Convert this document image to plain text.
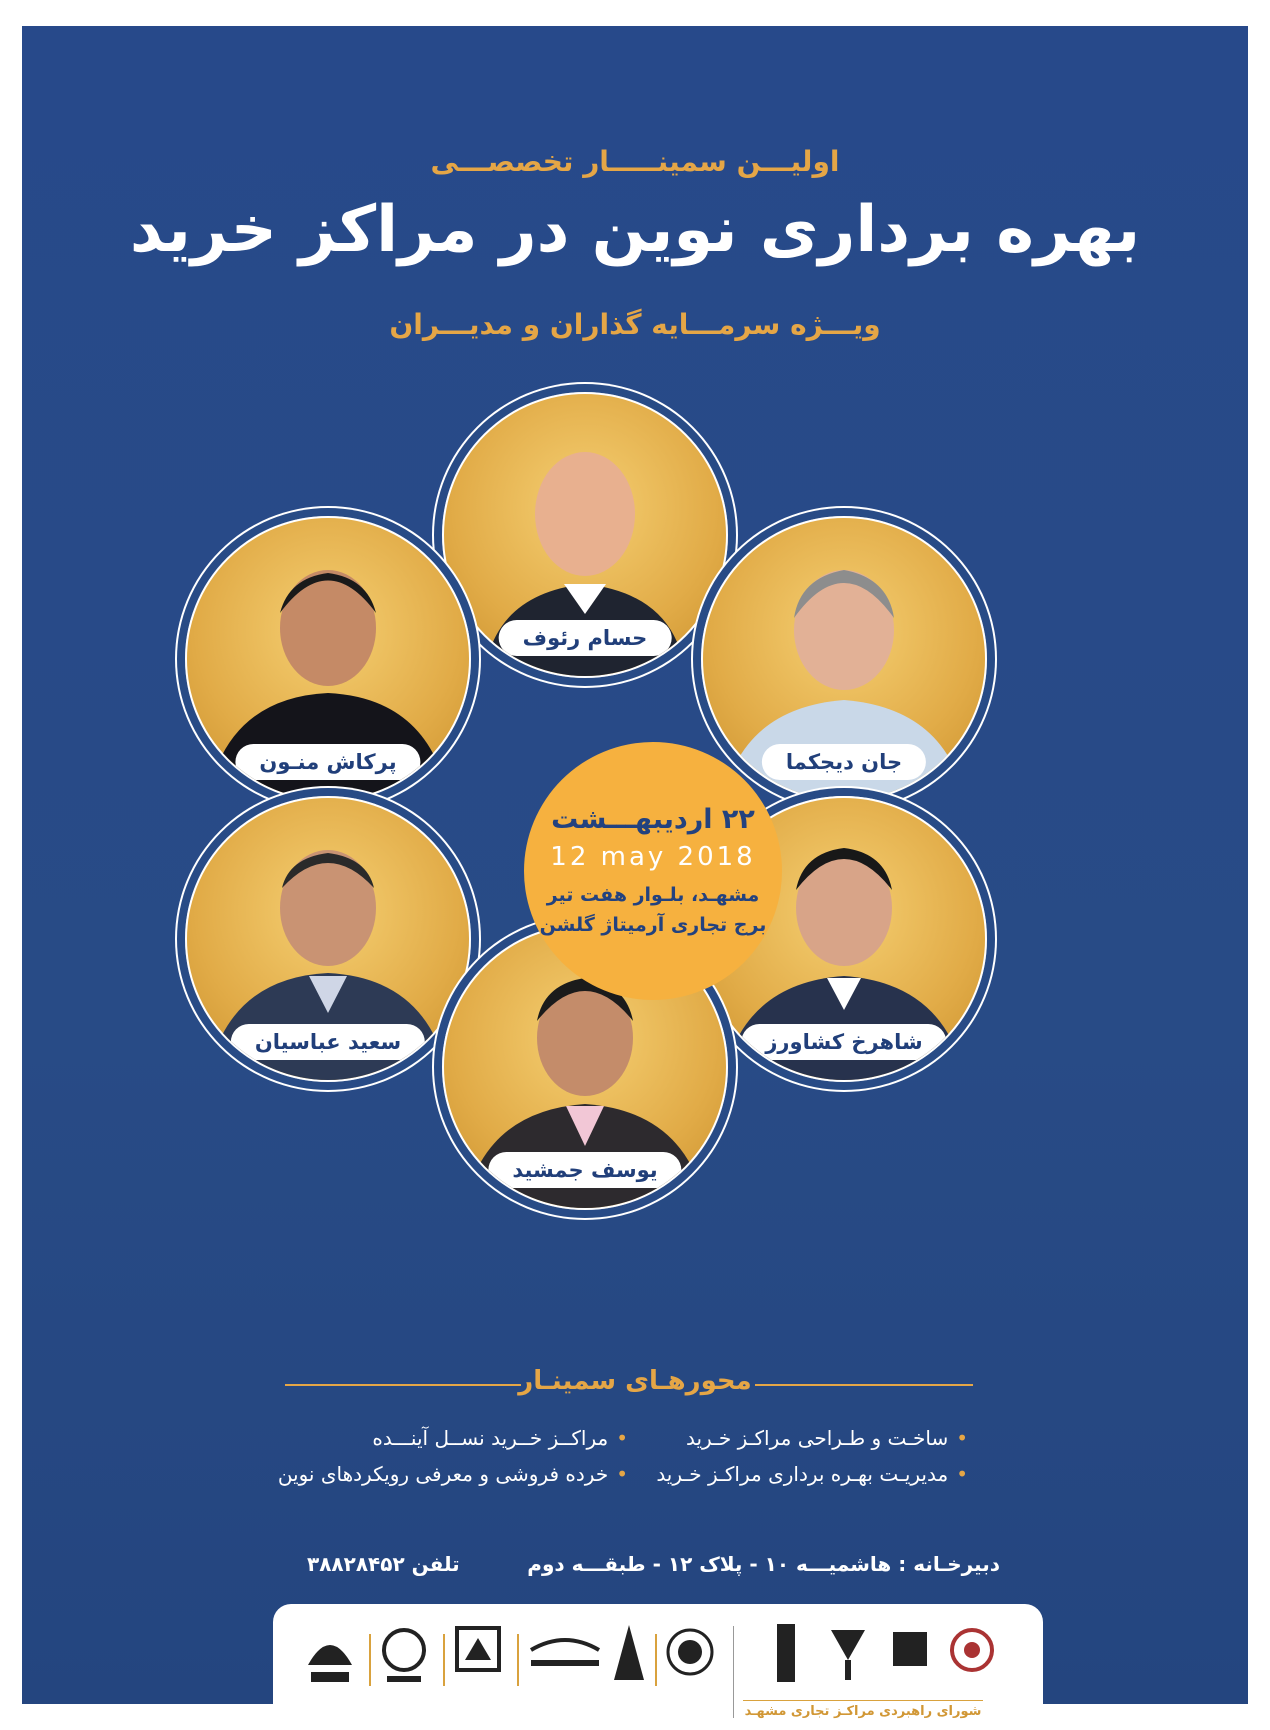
اولیـــن سمینـــــار تخصصـــی
بهره برداری نوین در مراکز خرید
ویـــژه سرمـــایه گذاران و مدیـــران
حسام رئوف
پرکاش منـون	جان دیجکما
سعید عباسیان	شاهرخ کشاورز
یوسف جمشید
۲۲ اردیبهـــشت
12 may 2018
مشهـد، بلـوار هفت تیر
برج تجاری آرمیتاژ گلشن
محورهـای سمینـار
•ساخـت و طـراحی مراکـز خـرید
•مراکــز خــرید نســل آینـــده
•مدیریـت بهـره برداری مراکـز خـرید
•خرده فروشی و معرفی رویکردهای نوین
دبیرخـانه : هاشمیـــه ۱۰ - پلاک ۱۲ - طبقـــه دوم
تلفن ۳۸۸۲۸۴۵۲
شورای راهبردی مراکـز تجاری مشهـد
